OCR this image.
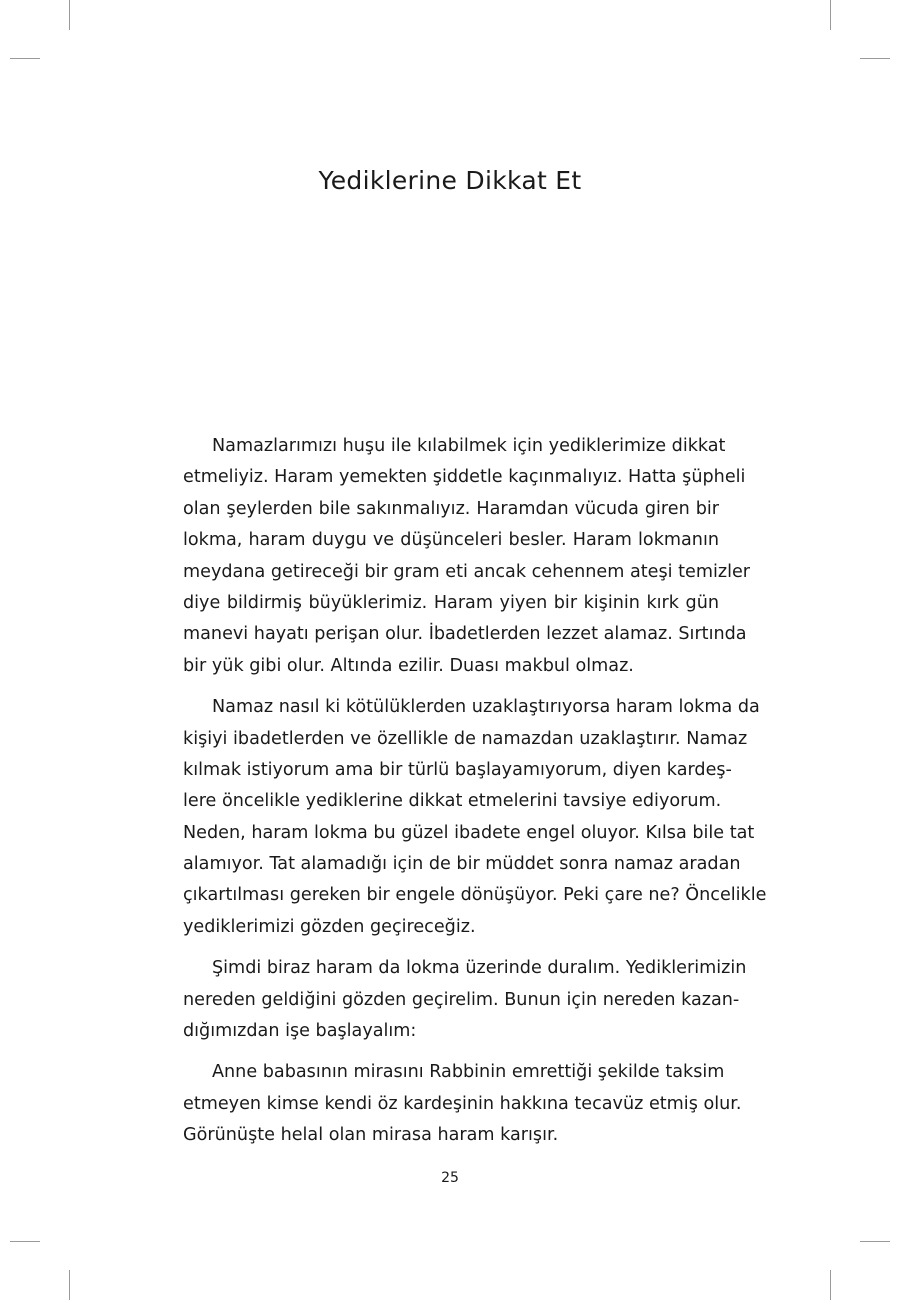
Yediklerine Dikkat Et

Namazlarımızı huşu ile kılabilmek için yediklerimize dikkat
etmeliyiz. Haram yemekten şiddetle kaçınmalıyız. Hatta şüpheli
olan şeylerden bile sakınmalıyız. Haramdan vücuda giren bir
lokma, haram duygu ve düşünceleri besler. Haram lokmanın
meydana getireceği bir gram eti ancak cehennem ateşi temizler
diye bildirmiş büyüklerimiz. Haram yiyen bir kişinin kırk gün
manevi hayatı perişan olur. İbadetlerden lezzet alamaz. Sırtında
bir yük gibi olur. Altında ezilir. Duası makbul olmaz.

Namaz nasıl ki kötülüklerden uzaklaştırıyorsa haram lokma da
kişiyi ibadetlerden ve özellikle de namazdan uzaklaştırır. Namaz
kılmak istiyorum ama bir türlü başlayamıyorum, diyen kardeş-
lere öncelikle yediklerine dikkat etmelerini tavsiye ediyorum.
Neden, haram lokma bu güzel ibadete engel oluyor. Kılsa bile tat
alamıyor. Tat alamadığı için de bir müddet sonra namaz aradan
çıkartılması gereken bir engele dönüşüyor. Peki çare ne? Öncelikle
yediklerimizi gözden geçireceğiz.

Şimdi biraz haram da lokma üzerinde duralım. Yediklerimizin
nereden geldiğini gözden geçirelim. Bunun için nereden kazan-
dığımızdan işe başlayalım:

Anne babasının mirasını Rabbinin emrettiği şekilde taksim
etmeyen kimse kendi öz kardeşinin hakkına tecavüz etmiş olur.
Görünüşte helal olan mirasa haram karışır.

25
